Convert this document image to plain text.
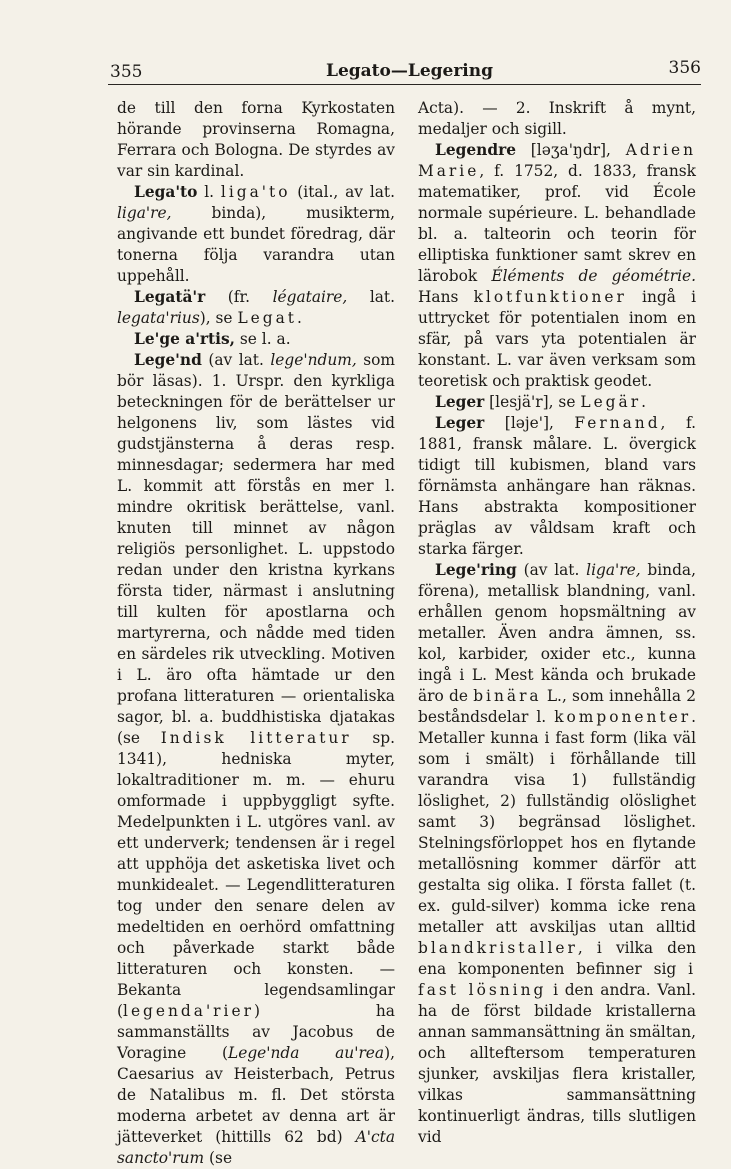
355	Legato—Legering	356

de till den forna Kyrkostaten hörande provinserna Romagna, Ferrara och Bologna. De styrdes av var sin kardinal.

Lega'to l. liga'to (ital., av lat. liga're, binda), musikterm, angivande ett bundet föredrag, där tonerna följa varandra utan uppehåll.

Legatä'r (fr. légataire, lat. legata'rius), se Legat.

Le'ge a'rtis, se l. a.

Lege'nd (av lat. lege'ndum, som bör läsas). 1. Urspr. den kyrkliga beteckningen för de berättelser ur helgonens liv, som lästes vid gudstjänsterna å deras resp. minnesdagar; sedermera har med L. kommit att förstås en mer l. mindre okritisk berättelse, vanl. knuten till minnet av någon religiös personlighet. L. uppstodo redan under den kristna kyrkans första tider, närmast i anslutning till kulten för apostlarna och martyrerna, och nådde med tiden en särdeles rik utveckling. Motiven i L. äro ofta hämtade ur den profana litteraturen — orientaliska sagor, bl. a. buddhistiska djatakas (se Indisk litteratur sp. 1341), hedniska myter, lokaltraditioner m. m. — ehuru omformade i uppbyggligt syfte. Medelpunkten i L. utgöres vanl. av ett underverk; tendensen är i regel att upphöja det asketiska livet och munkidealet. — Legendlitteraturen tog under den senare delen av medeltiden en oerhörd omfattning och påverkade starkt både litteraturen och konsten. — Bekanta legendsamlingar (legenda'rier) ha sammanställts av Jacobus de Voragine (Lege'nda au'rea), Caesarius av Heisterbach, Petrus de Natalibus m. fl. Det största moderna arbetet av denna art är jätteverket (hittills 62 bd) A'cta sancto'rum (se

Acta). — 2. Inskrift å mynt, medaljer och sigill.

Legendre [ləʒa'ŋdr], Adrien Marie, f. 1752, d. 1833, fransk matematiker, prof. vid École normale supérieure. L. behandlade bl. a. talteorin och teorin för elliptiska funktioner samt skrev en lärobok Éléments de géométrie. Hans klotfunktioner ingå i uttrycket för potentialen inom en sfär, på vars yta potentialen är konstant. L. var även verksam som teoretisk och praktisk geodet.

Leger [lesjä'r], se Legär.

Leger [ləje'], Fernand, f. 1881, fransk målare. L. övergick tidigt till kubismen, bland vars förnämsta anhängare han räknas. Hans abstrakta kompositioner präglas av våldsam kraft och starka färger.

Lege'ring (av lat. liga're, binda, förena), metallisk blandning, vanl. erhållen genom hopsmältning av metaller. Även andra ämnen, ss. kol, karbider, oxider etc., kunna ingå i L. Mest kända och brukade äro de binära L., som innehålla 2 beståndsdelar l. komponenter. Metaller kunna i fast form (lika väl som i smält) i förhållande till varandra visa 1) fullständig löslighet, 2) fullständig olöslighet samt 3) begränsad löslighet. Stelningsförloppet hos en flytande metallösning kommer därför att gestalta sig olika. I första fallet (t. ex. guld-silver) komma icke rena metaller att avskiljas utan alltid blandkristaller, i vilka den ena komponenten befinner sig i fast lösning i den andra. Vanl. ha de först bildade kristallerna annan sammansättning än smältan, och allteftersom temperaturen sjunker, avskiljas flera kristaller, vilkas sammansättning kontinuerligt ändras, tills slutligen vid
